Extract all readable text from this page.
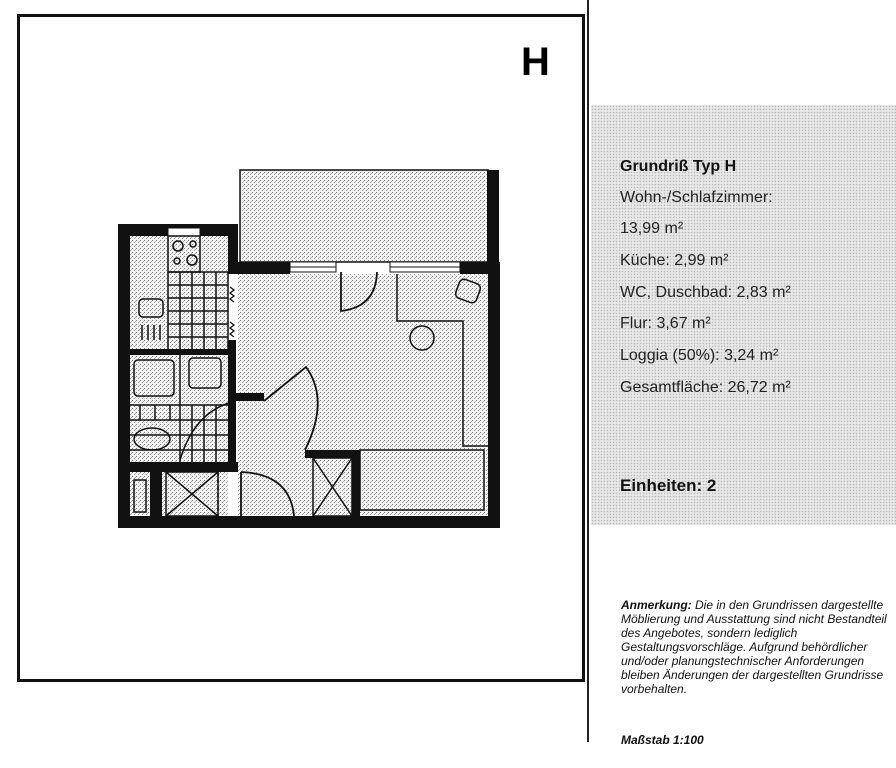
H
Grundriß Typ H
Wohn-/Schlafzimmer:
13,99 m²
Küche: 2,99 m²
WC, Duschbad: 2,83 m²
Flur: 3,67 m²
Loggia (50%): 3,24 m²
Gesamtfläche: 26,72 m²
Einheiten: 2
Anmerkung: Die in den Grundrissen dargestellte Möblierung und Ausstattung sind nicht Bestandteil des Angebotes, sondern lediglich Gestaltungsvorschläge. Aufgrund behördlicher und/oder planungstechnischer Anforderungen bleiben Änderungen der dargestellten Grundrisse vorbehalten.
Maßstab 1:100
